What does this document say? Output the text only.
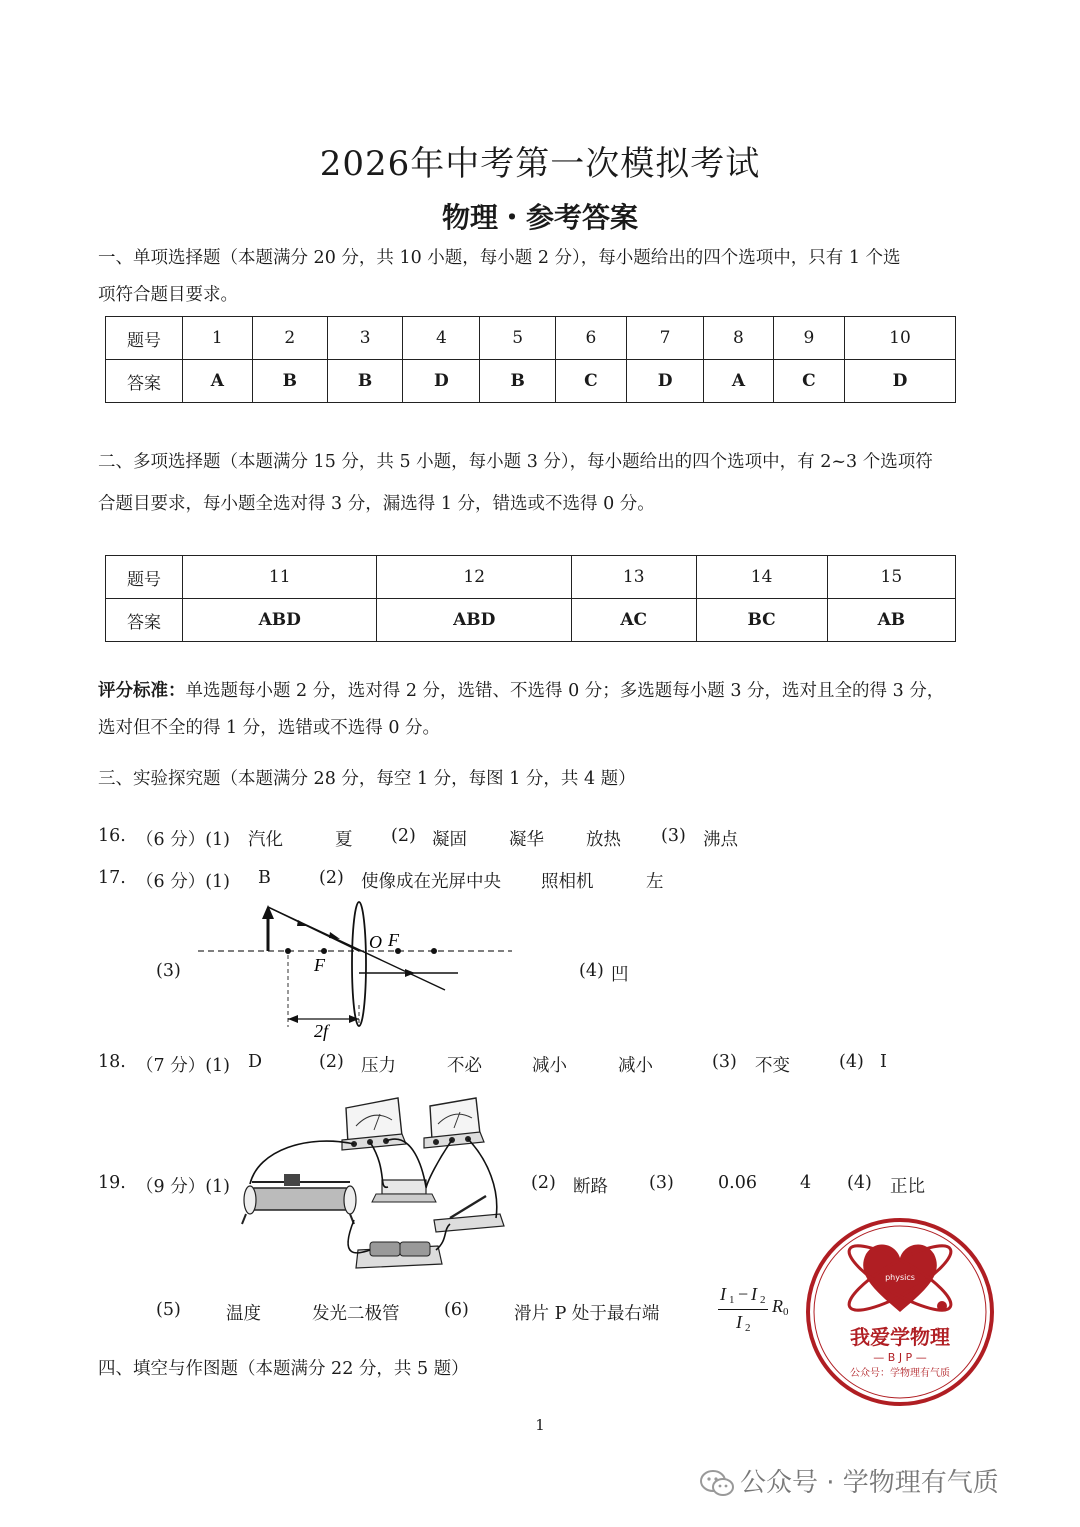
2026年中考第一次模拟考试
物理・参考答案
一、单项选择题（本题满分 20 分，共 10 小题，每小题 2 分），每小题给出的四个选项中，只有 1 个选
项符合题目要求。
题号	1	2	3	4	5	6	7	8	9	10
答案	A	B	B	D	B	C	D	A	C	D
二、多项选择题（本题满分 15 分，共 5 小题，每小题 3 分），每小题给出的四个选项中，有 2~3 个选项符
合题目要求，每小题全选对得 3 分，漏选得 1 分，错选或不选得 0 分。
题号	11	12	13	14	15
答案	ABD	ABD	AC	BC	AB
评分标准：单选题每小题 2 分，选对得 2 分，选错、不选得 0 分；多选题每小题 3 分，选对且全的得 3 分，
选对但不全的得 1 分，选错或不选得 0 分。
三、实验探究题（本题满分 28 分，每空 1 分，每图 1 分，共 4 题）
16. （6 分）(1) 汽化	夏 (2) 凝固 凝华 放热 (3) 沸点
17. （6 分）(1) B	(2) 使像成在光屏中央 照相机	左
(3)	(4) 凹
O F
F
2f
18. （7 分）(1) D	(2) 压力	不必	减小	减小	(3) 不变	(4) I
19. （9 分）(1)	(2) 断路 (3)	0.06 4 (4) 正比
(5)	温度	发光二极管	(6)	滑片 P 处于最右端
I 1 − I 2 R 0
I 2
四、填空与作图题（本题满分 22 分，共 5 题）
physics
我爱学物理
— B J P —
公众号：学物理有气质
1
公众号 · 学物理有气质
